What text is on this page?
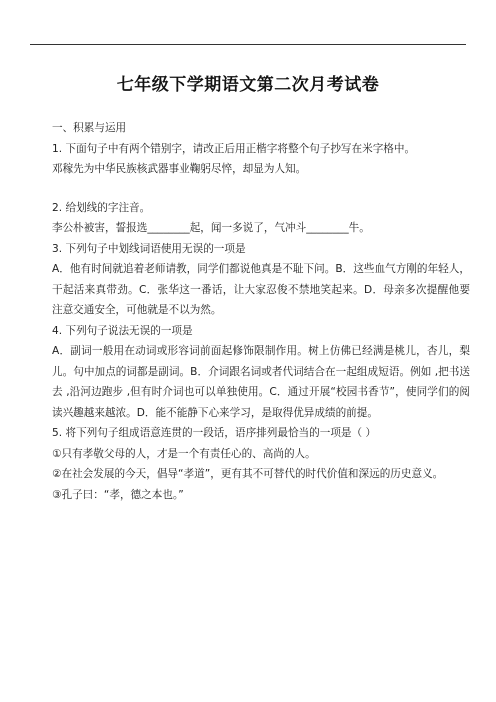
七年级下学期语文第二次月考试卷

一、积累与运用

1. 下面句子中有两个错别字，请改正后用正楷字将整个句子抄写在米字格中。

邓稼先为中华民族核武器事业鞠躬尽悴，却显为人知。

2. 给划线的字注音。

李公朴被害，誓报选________起，闻一多说了，气冲斗________牛。

3. 下列句子中划线词语使用无误的一项是

A．他有时间就追着老师请教，同学们都说他真是不耻下问。B．这些血气方刚的年轻人，干起活来真带劲。C．张华这一番话，让大家忍俊不禁地笑起来。D．母亲多次提醒他要注意交通安全，可他就是不以为然。

4. 下列句子说法无误的一项是

A．副词一般用在动词或形容词前面起修饰限制作用。树上仿佛已经满是桃儿，杏儿，梨儿。句中加点的词都是副词。B．介词跟名词或者代词结合在一起组成短语。例如 ,把书送去 ,沿河边跑步 ,但有时介词也可以单独使用。C．通过开展“校园书香节”，使同学们的阅读兴趣越来越浓。D．能不能静下心来学习，是取得优异成绩的前提。

5. 将下列句子组成语意连贯的一段话，语序排列最恰当的一项是（ ）

①只有孝敬父母的人，才是一个有责任心的、高尚的人。

②在社会发展的今天，倡导“孝道”，更有其不可替代的时代价值和深远的历史意义。

③孔子曰：“孝，德之本也。”
